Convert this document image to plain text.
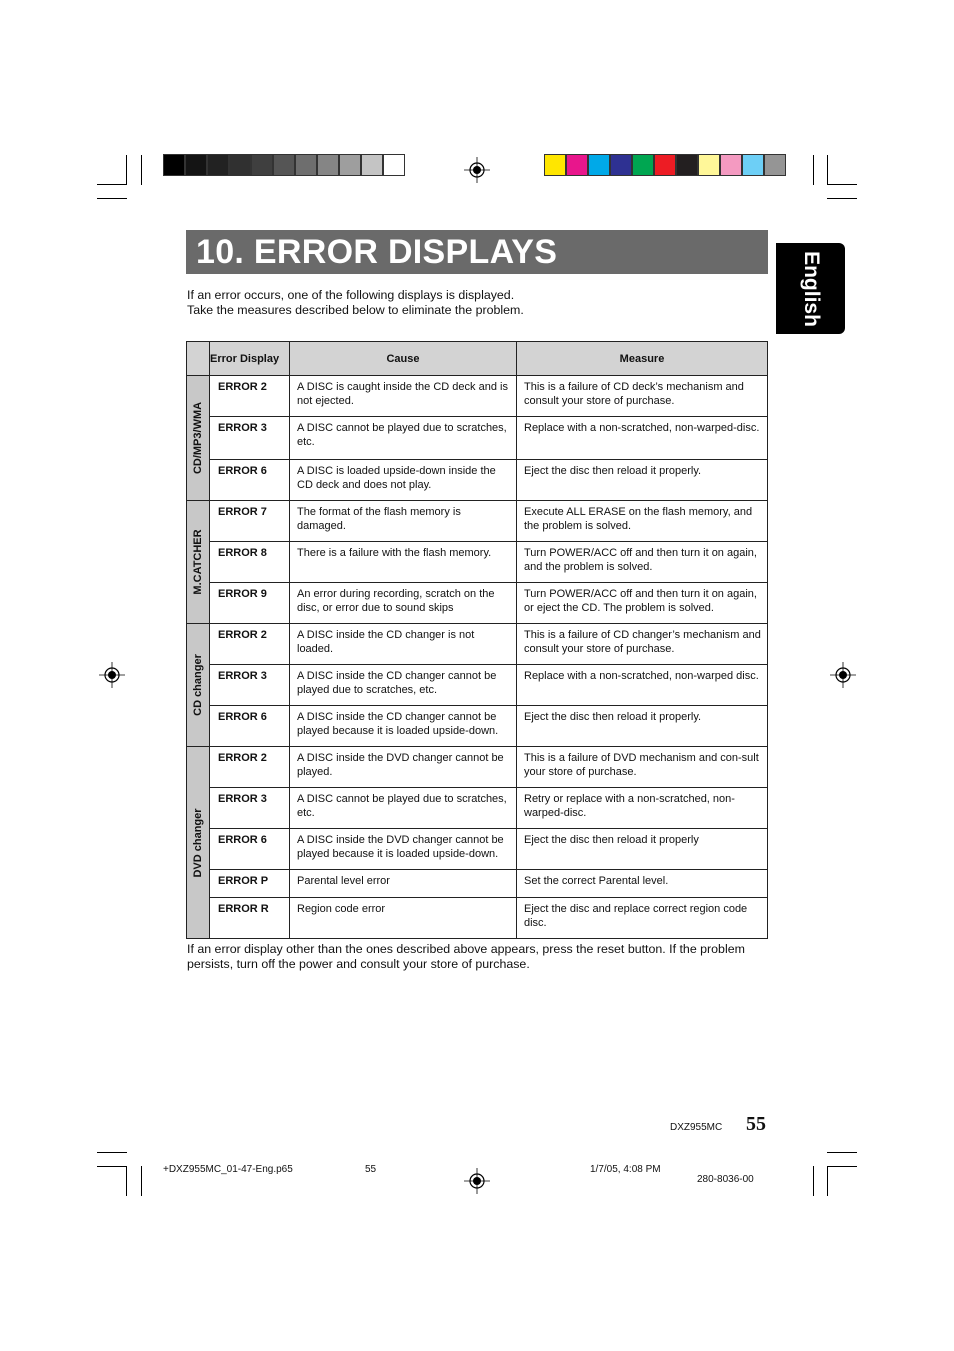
10. ERROR DISPLAYS	English
If an error occurs, one of the following displays is displayed.
Take the measures described below to eliminate the problem.
	Error Display	Cause	Measure

CD/MP3/WMA	ERROR 2	A DISC is caught inside the CD deck and is not ejected.	This is a failure of CD deck’s mechanism and consult your store of purchase.
	ERROR 3	A DISC cannot be played due to scratches, etc.	Replace with a non-scratched, non-warped-disc.
	ERROR 6	A DISC is loaded upside-down inside the CD deck and does not play.	Eject the disc then reload it properly.

M.CATCHER	ERROR 7	The format of the flash memory is damaged.	Execute ALL ERASE on the flash memory, and the problem is solved.
	ERROR 8	There is a failure with the flash memory.	Turn POWER/ACC off and then turn it on again, and the problem is solved.
	ERROR 9	An error during recording, scratch on the disc, or error due to sound skips	Turn POWER/ACC off and then turn it on again, or eject the CD. The problem is solved.

CD changer	ERROR 2	A DISC inside the CD changer is not loaded.	This is a failure of CD changer’s mechanism and consult your store of purchase.
	ERROR 3	A DISC inside the CD changer cannot be played due to scratches, etc.	Replace with a non-scratched, non-warped disc.
	ERROR 6	A DISC inside the CD changer cannot be played because it is loaded upside-down.	Eject the disc then reload it properly.

DVD changer	ERROR 2	A DISC inside the DVD changer cannot be played.	This is a failure of DVD mechanism and con-sult your store of purchase.
	ERROR 3	A DISC cannot be played due to scratches, etc.	Retry or replace with a non-scratched, non-warped-disc.
	ERROR 6	A DISC inside the DVD changer cannot be played because it is loaded upside-down.	Eject the disc then reload it properly
	ERROR P	Parental level error	Set the correct Parental level.
	ERROR R	Region code error	Eject the disc and replace correct region code disc.
If an error display other than the ones described above appears, press the reset button. If the problem persists, turn off the power and consult your store of purchase.
DXZ955MC 55
+DXZ955MC_01-47-Eng.p65	55	1/7/05, 4:08 PM
280-8036-00
